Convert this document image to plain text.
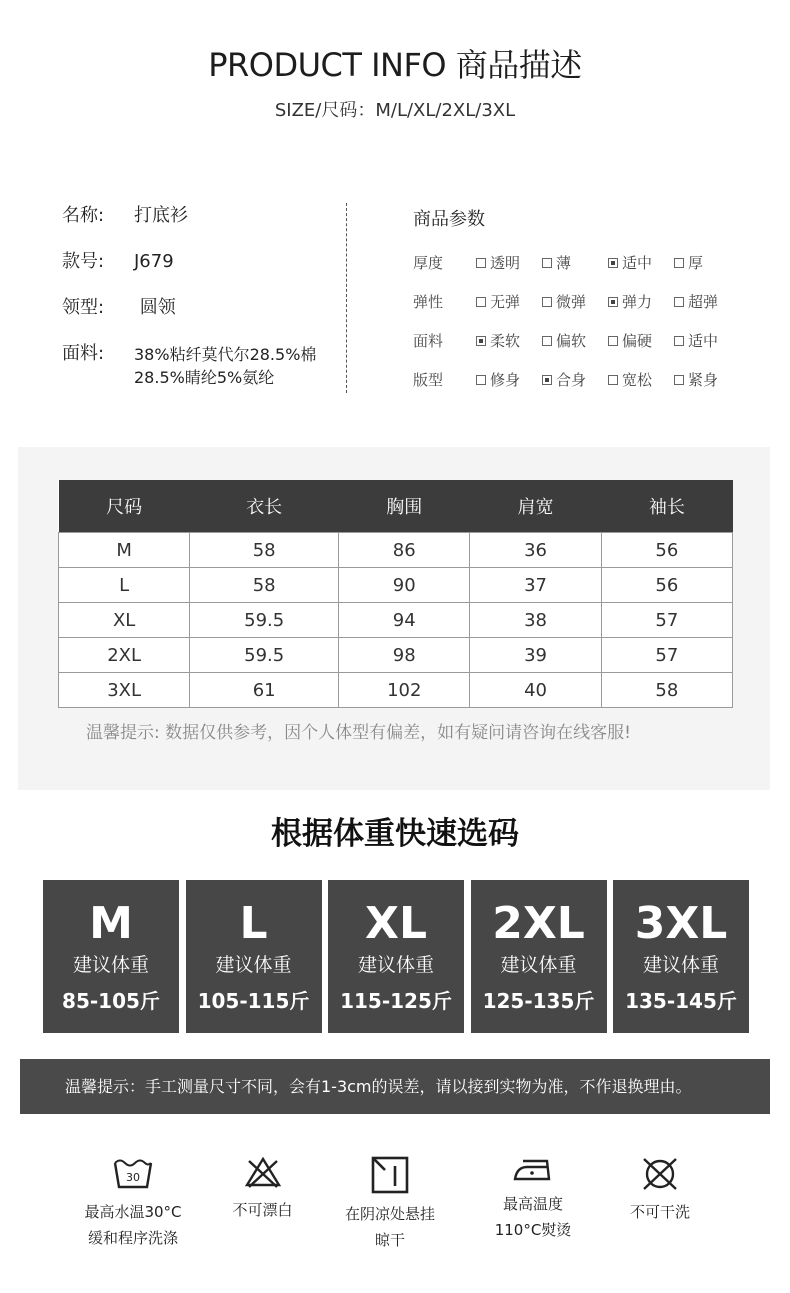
PRODUCT INFO 商品描述
SIZE/尺码：M/L/XL/2XL/3XL
名称:	打底衫
款号:	J679
领型:	圆领
面料:	38%粘纤莫代尔28.5%棉
28.5%睛纶5%氨纶
商品参数
厚度	透明 薄	适中 厚
弹性	无弹 微弹 弹力 超弹
面料	柔软 偏软 偏硬 适中
版型	修身 合身 宽松 紧身
尺码	衣长	胸围	肩宽	袖长
M	58	86	36	56
L	58	90	37	56
XL	59.5	94	38	57
2XL	59.5	98	39	57
3XL	61	102	40	58
温馨提示: 数据仅供参考，因个人体型有偏差，如有疑问请咨询在线客服!
根据体重快速选码
M
建议体重
85-105斤
L
建议体重
105-115斤
XL
建议体重
115-125斤
2XL
建议体重
125-135斤
3XL
建议体重
135-145斤
温馨提示：手工测量尺寸不同，会有1-3cm的误差，请以接到实物为准，不作退换理由。
30
最高水温30°C
缓和程序洗涤
不可漂白	在阴凉处悬挂
晾干
最高温度
110°C熨烫
不可干洗
